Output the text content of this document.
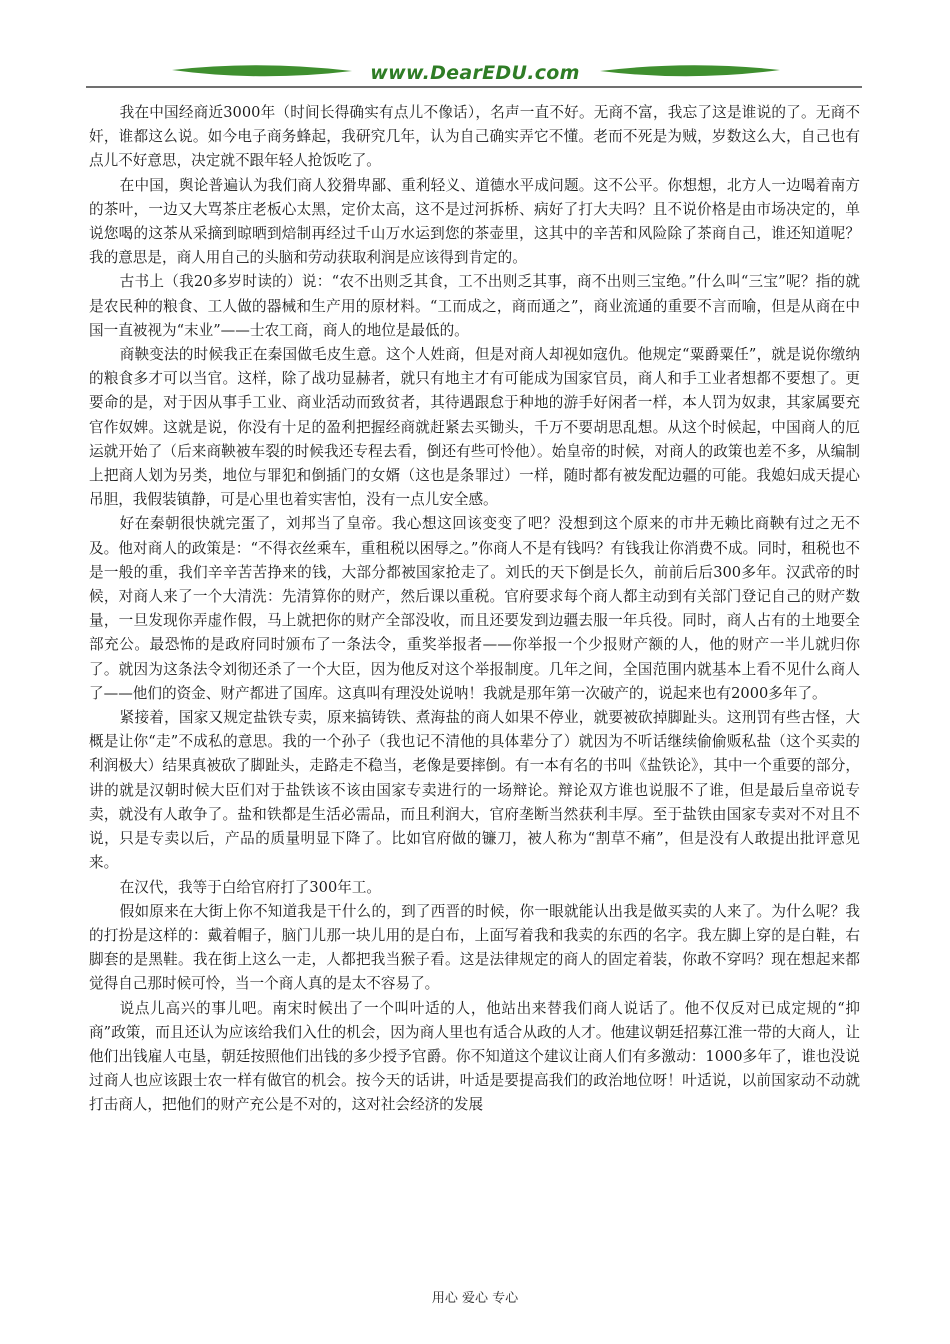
www.DearEDU.com

我在中国经商近3000年（时间长得确实有点儿不像话），名声一直不好。无商不富，我忘了这是谁说的了。无商不奸，谁都这么说。如今电子商务蜂起，我研究几年，认为自己确实弄它不懂。老而不死是为贼，岁数这么大，自己也有点儿不好意思，决定就不跟年轻人抢饭吃了。

在中国，舆论普遍认为我们商人狡猾卑鄙、重利轻义、道德水平成问题。这不公平。你想想，北方人一边喝着南方的茶叶，一边又大骂茶庄老板心太黑，定价太高，这不是过河拆桥、病好了打大夫吗？且不说价格是由市场决定的，单说您喝的这茶从采摘到晾晒到焙制再经过千山万水运到您的茶壶里，这其中的辛苦和风险除了茶商自己，谁还知道呢？我的意思是，商人用自己的头脑和劳动获取利润是应该得到肯定的。

古书上（我20多岁时读的）说：“农不出则乏其食，工不出则乏其事，商不出则三宝绝。”什么叫“三宝”呢？指的就是农民种的粮食、工人做的器械和生产用的原材料。“工而成之，商而通之”，商业流通的重要不言而喻，但是从商在中国一直被视为“末业”——士农工商，商人的地位是最低的。

商鞅变法的时候我正在秦国做毛皮生意。这个人姓商，但是对商人却视如寇仇。他规定“粟爵粟任”，就是说你缴纳的粮食多才可以当官。这样，除了战功显赫者，就只有地主才有可能成为国家官员，商人和手工业者想都不要想了。更要命的是，对于因从事手工业、商业活动而致贫者，其待遇跟怠于种地的游手好闲者一样，本人罚为奴隶，其家属要充官作奴婢。这就是说，你没有十足的盈利把握经商就赶紧去买锄头，千万不要胡思乱想。从这个时候起，中国商人的厄运就开始了（后来商鞅被车裂的时候我还专程去看，倒还有些可怜他）。始皇帝的时候，对商人的政策也差不多，从编制上把商人划为另类，地位与罪犯和倒插门的女婿（这也是条罪过）一样，随时都有被发配边疆的可能。我媳妇成天提心吊胆，我假装镇静，可是心里也着实害怕，没有一点儿安全感。

好在秦朝很快就完蛋了，刘邦当了皇帝。我心想这回该变变了吧？没想到这个原来的市井无赖比商鞅有过之无不及。他对商人的政策是：“不得衣丝乘车，重租税以困辱之。”你商人不是有钱吗？有钱我让你消费不成。同时，租税也不是一般的重，我们辛辛苦苦挣来的钱，大部分都被国家抢走了。刘氏的天下倒是长久，前前后后300多年。汉武帝的时候，对商人来了一个大清洗：先清算你的财产，然后课以重税。官府要求每个商人都主动到有关部门登记自己的财产数量，一旦发现你弄虚作假，马上就把你的财产全部没收，而且还要发到边疆去服一年兵役。同时，商人占有的土地要全部充公。最恐怖的是政府同时颁布了一条法令，重奖举报者——你举报一个少报财产额的人，他的财产一半儿就归你了。就因为这条法令刘彻还杀了一个大臣，因为他反对这个举报制度。几年之间，全国范围内就基本上看不见什么商人了——他们的资金、财产都进了国库。这真叫有理没处说呐！我就是那年第一次破产的，说起来也有2000多年了。

紧接着，国家又规定盐铁专卖，原来搞铸铁、煮海盐的商人如果不停业，就要被砍掉脚趾头。这刑罚有些古怪，大概是让你“走”不成私的意思。我的一个孙子（我也记不清他的具体辈分了）就因为不听话继续偷偷贩私盐（这个买卖的利润极大）结果真被砍了脚趾头，走路走不稳当，老像是要摔倒。有一本有名的书叫《盐铁论》，其中一个重要的部分，讲的就是汉朝时候大臣们对于盐铁该不该由国家专卖进行的一场辩论。辩论双方谁也说服不了谁，但是最后皇帝说专卖，就没有人敢争了。盐和铁都是生活必需品，而且利润大，官府垄断当然获利丰厚。至于盐铁由国家专卖对不对且不说，只是专卖以后，产品的质量明显下降了。比如官府做的镰刀，被人称为“割草不痛”，但是没有人敢提出批评意见来。

在汉代，我等于白给官府打了300年工。

假如原来在大街上你不知道我是干什么的，到了西晋的时候，你一眼就能认出我是做买卖的人来了。为什么呢？我的打扮是这样的：戴着帽子，脑门儿那一块儿用的是白布，上面写着我和我卖的东西的名字。我左脚上穿的是白鞋，右脚套的是黑鞋。我在街上这么一走，人都把我当猴子看。这是法律规定的商人的固定着装，你敢不穿吗？现在想起来都觉得自己那时候可怜，当一个商人真的是太不容易了。

说点儿高兴的事儿吧。南宋时候出了一个叫叶适的人，他站出来替我们商人说话了。他不仅反对已成定规的“抑商”政策，而且还认为应该给我们入仕的机会，因为商人里也有适合从政的人才。他建议朝廷招募江淮一带的大商人，让他们出钱雇人屯垦，朝廷按照他们出钱的多少授予官爵。你不知道这个建议让商人们有多激动：1000多年了，谁也没说过商人也应该跟士农一样有做官的机会。按今天的话讲，叶适是要提高我们的政治地位呀！叶适说，以前国家动不动就打击商人，把他们的财产充公是不对的，这对社会经济的发展

用心 爱心 专心
